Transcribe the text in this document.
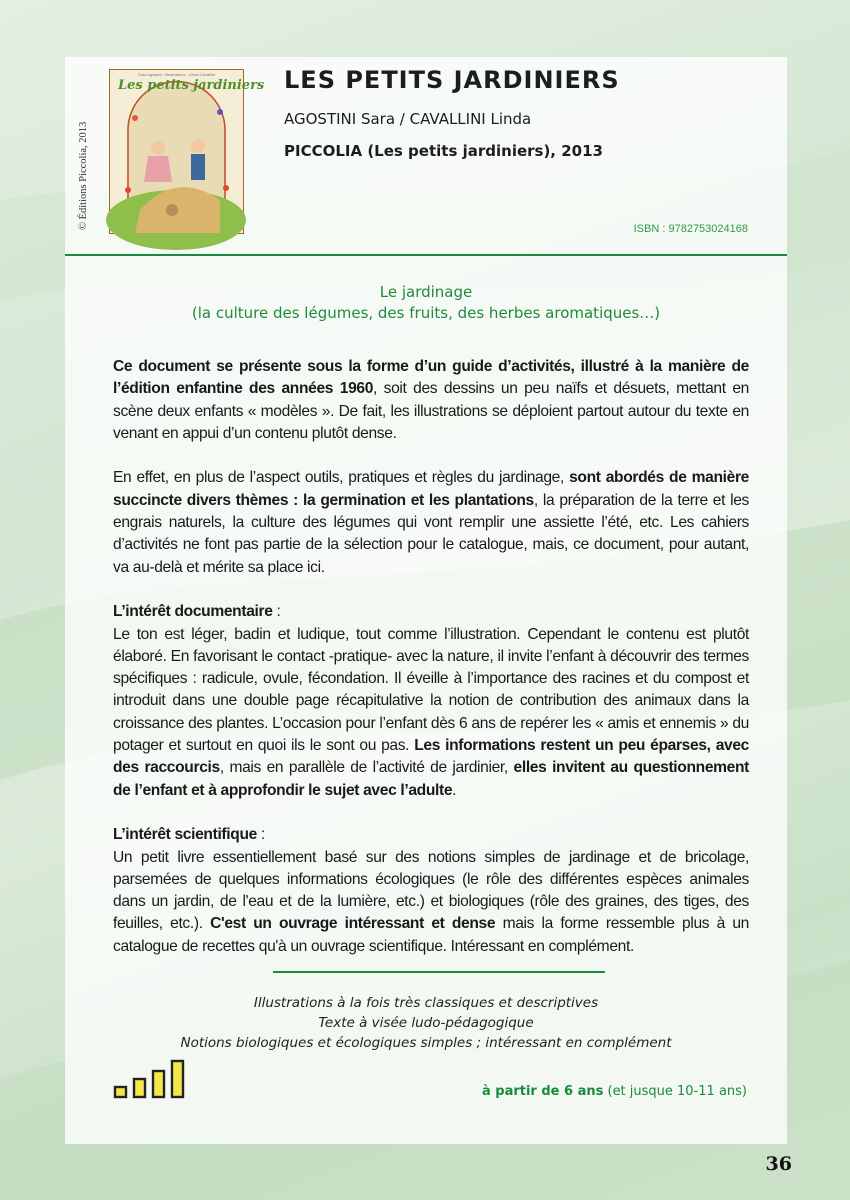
© Éditions Piccolia, 2013
Sara Agostini · Illustrations · Linda Cavallini
Les petits jardiniers LES PETITS JARDINIERS
AGOSTINI Sara / CAVALLINI Linda
PICCOLIA (Les petits jardiniers), 2013
ISBN : 9782753024168
Le jardinage
(la culture des légumes, des fruits, des herbes aromatiques…)

Ce document se présente sous la forme d’un guide d’activités, illustré à la manière de l’édition enfantine des années 1960, soit des dessins un peu naïfs et désuets, mettant en scène deux enfants « modèles ». De fait, les illustrations se déploient partout autour du texte en venant en appui d’un contenu plutôt dense.

En effet, en plus de l’aspect outils, pratiques et règles du jardinage, sont abordés de manière succincte divers thèmes : la germination et les plantations, la préparation de la terre et les engrais naturels, la culture des légumes qui vont remplir une assiette l’été, etc. Les cahiers d’activités ne font pas partie de la sélection pour le catalogue, mais, ce document, pour autant, va au-delà et mérite sa place ici.

L’intérêt documentaire :

Le ton est léger, badin et ludique, tout comme l’illustration. Cependant le contenu est plutôt élaboré. En favorisant le contact -pratique- avec la nature, il invite l’enfant à découvrir des termes spécifiques : radicule, ovule, fécondation. Il éveille à l’importance des racines et du compost et introduit dans une double page récapitulative la notion de contribution des animaux dans la croissance des plantes. L’occasion pour l’enfant dès 6 ans de repérer les « amis et ennemis » du potager et surtout en quoi ils le sont ou pas. Les informations restent un peu éparses, avec des raccourcis, mais en parallèle de l’activité de jardinier, elles invitent au questionnement de l’enfant et à approfondir le sujet avec l’adulte.

L’intérêt scientifique :

Un petit livre essentiellement basé sur des notions simples de jardinage et de bricolage, parsemées de quelques informations écologiques (le rôle des différentes espèces animales dans un jardin, de l'eau et de la lumière, etc.) et biologiques (rôle des graines, des tiges, des feuilles, etc.). C'est un ouvrage intéressant et dense mais la forme ressemble plus à un catalogue de recettes qu'à un ouvrage scientifique. Intéressant en complément.

Illustrations à la fois très classiques et descriptives
Texte à visée ludo-pédagogique
Notions biologiques et écologiques simples ; intéressant en complément
à partir de 6 ans (et jusque 10-11 ans)
36
